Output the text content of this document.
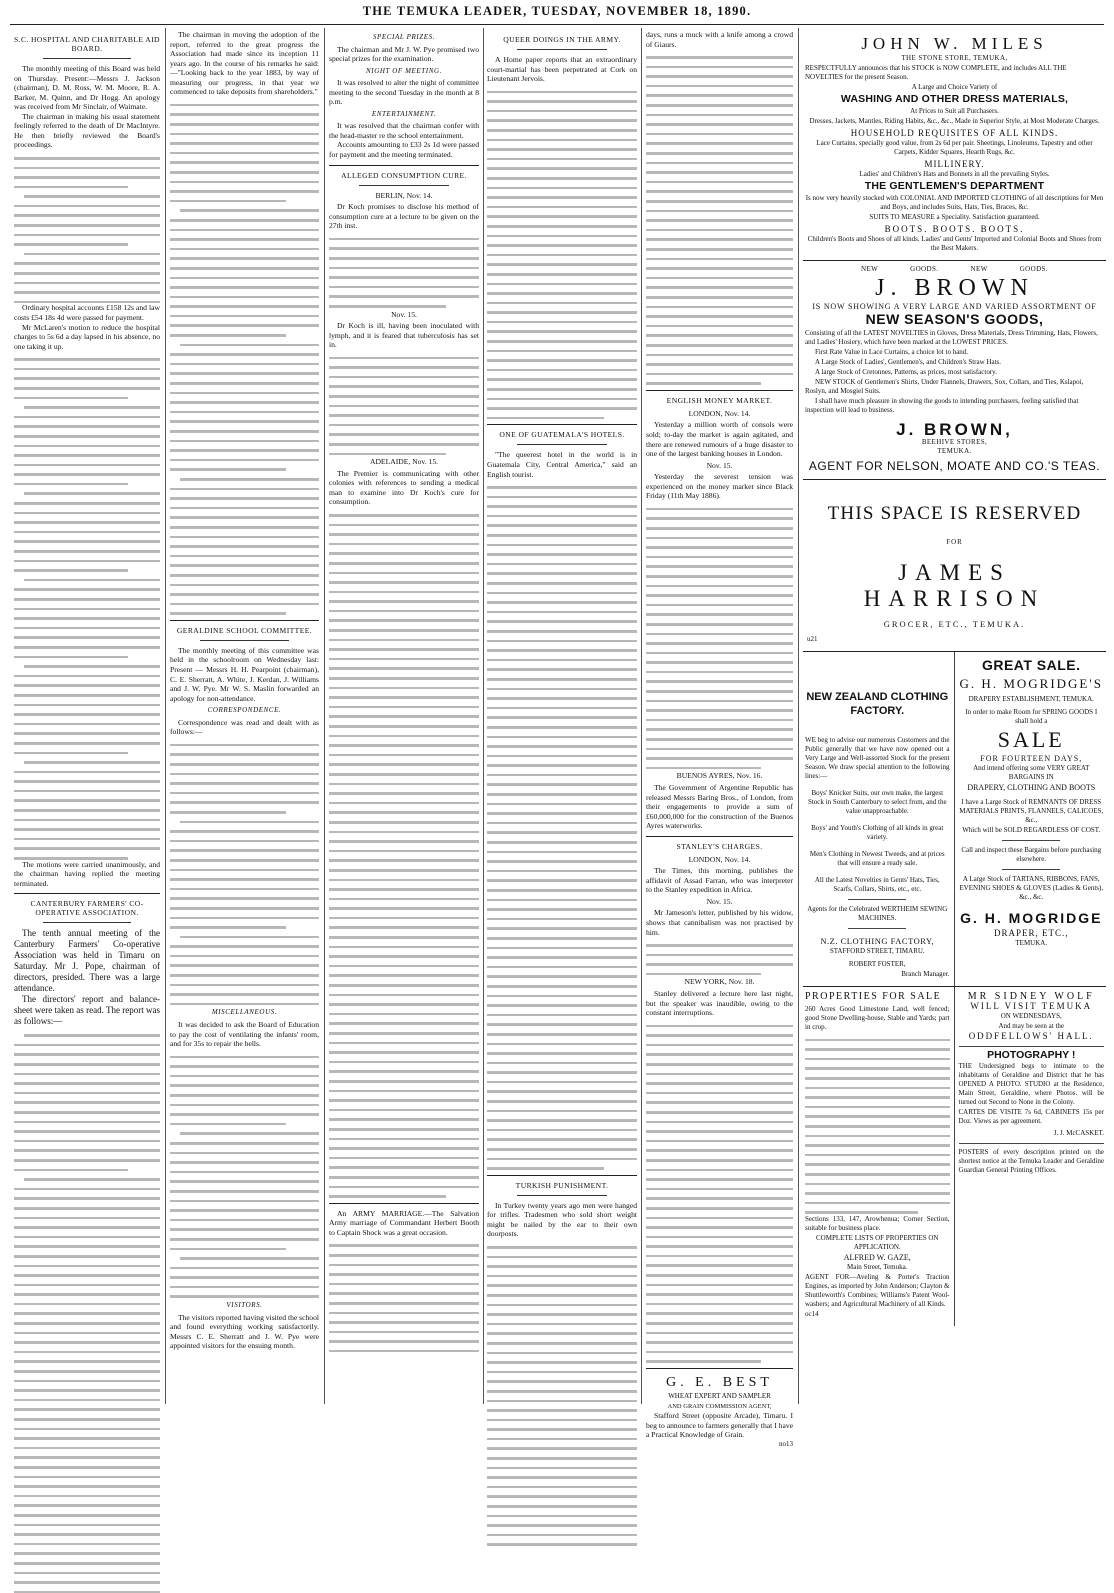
THE TEMUKA LEADER, TUESDAY, NOVEMBER 18, 1890.
S.C. HOSPITAL AND CHARITABLE AID BOARD.

The monthly meeting of this Board was held on Thursday. Present:—Messrs J. Jackson (chairman), D. M. Ross, W. M. Moore, R. A. Barker, M. Quinn, and Dr Hogg. An apology was received from Mr Sinclair, of Waimate.

The chairman in making his usual statement feelingly referred to the death of Dr MacIntyre. He then briefly reviewed the Board's proceedings.

Ordinary hospital accounts £158 12s and law costs £54 18s 4d were passed for payment.

Mr McLaren's motion to reduce the hospital charges to 5s 6d a day lapsed in his absence, no one taking it up.

The motions were carried unanimously, and the chairman having replied the meeting terminated.

CANTERBURY FARMERS' CO-OPERATIVE ASSOCIATION.

The tenth annual meeting of the Canterbury Farmers' Co-operative Association was held in Timaru on Saturday. Mr J. Pope, chairman of directors, presided. There was a large attendance.

The directors' report and balance-sheet were taken as read. The report was as follows:—

The chairman in moving the adoption of the report, referred to the great progress the Association had made since its inception 11 years ago. In the course of his remarks he said:—"Looking back to the year 1883, by way of measuring our progress, in that year we commenced to take deposits from shareholders."

GERALDINE SCHOOL COMMITTEE.

The monthly meeting of this committee was held in the schoolroom on Wednesday last: Present — Messrs H. H. Pearpoint (chairman), C. E. Sherratt, A. White, J. Kerdan, J. Williams and J. W. Pye. Mr W. S. Maslin forwarded an apology for non-attendance.

CORRESPONDENCE.

Correspondence was read and dealt with as follows:—

MISCELLANEOUS.

It was decided to ask the Board of Education to pay the cost of ventilating the infants' room, and for 35s to repair the bells.

VISITORS.

The visitors reported having visited the school and found everything working satisfactorily. Messrs C. E. Sherratt and J. W. Pye were appointed visitors for the ensuing month.

SPECIAL PRIZES.

The chairman and Mr J. W. Pye promised two special prizes for the examination.

NIGHT OF MEETING.

It was resolved to alter the night of committee meeting to the second Tuesday in the month at 8 p.m.

ENTERTAINMENT.

It was resolved that the chairman confer with the head-master re the school entertainment.

Accounts amounting to £33 2s 1d were passed for payment and the meeting terminated.

ALLEGED CONSUMPTION CURE.
BERLIN, Nov. 14.

Dr Koch promises to disclose his method of consumption cure at a lecture to be given on the 27th inst.

Nov. 15.

Dr Koch is ill, having been inoculated with lymph, and it is feared that tuberculosis has set in.

ADELAIDE, Nov. 15.

The Premier is communicating with other colonies with references to sending a medical man to examine into Dr Koch's cure for consumption.

An ARMY MARRIAGE.—The Salvation Army marriage of Commandant Herbert Booth to Captain Shock was a great occasion.

QUEER DOINGS IN THE ARMY.

A Home paper reports that an extraordinary court-martial has been perpetrated at Cork on Lieutenant Jervois.

ONE OF GUATEMALA'S HOTELS.

"The queerest hotel in the world is in Guatemala City, Central America," said an English tourist.

TURKISH PUNISHMENT.

In Turkey twenty years ago men were hanged for trifles. Tradesmen who sold short weight might be nailed by the ear to their own doorposts.

days, runs a muck with a knife among a crowd of Giaurs.

ENGLISH MONEY MARKET.
LONDON, Nov. 14.

Yesterday a million worth of consols were sold; to-day the market is again agitated, and there are renewed rumours of a huge disaster to one of the largest banking houses in London.

Nov. 15.

Yesterday the severest tension was experienced on the money market since Black Friday (11th May 1886).

BUENOS AYRES, Nov. 16.

The Government of Argentine Republic has released Messrs Baring Bros., of London, from their engagements to provide a sum of £60,000,000 for the construction of the Buenos Ayres waterworks.

STANLEY'S CHARGES.
LONDON, Nov. 14.

The Times, this morning, publishes the affidavit of Assad Farran, who was interpreter to the Stanley expedition in Africa.

Nov. 15.

Mr Jameson's letter, published by his widow, shows that cannibalism was not practised by him.

NEW YORK, Nov. 18.

Stanley delivered a lecture here last night, but the speaker was inaudible, owing to the constant interruptions.

G. E. BEST
WHEAT EXPERT AND SAMPLER
AND GRAIN COMMISSION AGENT,

Stafford Street (opposite Arcade), Timaru. I beg to announce to farmers generally that I have a Practical Knowledge of Grain.

no13
JOHN W. MILES
THE STONE STORE, TEMUKA,
RESPECTFULLY announces that his STOCK is NOW COMPLETE, and includes ALL THE NOVELTIES for the present Season.
A Large and Choice Variety of
WASHING AND OTHER DRESS MATERIALS,
At Prices to Suit all Purchasers.
Dresses, Jackets, Mantles, Riding Habits, &c., &c., Made in Superior Style, at Most Moderate Charges.
HOUSEHOLD REQUISITES OF ALL KINDS.
Lace Curtains, specially good value, from 2s 6d per pair. Sheetings, Linoleums, Tapestry and other Carpets, Kidder Squares, Hearth Rugs, &c.
MILLINERY.
Ladies' and Children's Hats and Bonnets in all the prevailing Styles.
THE GENTLEMEN'S DEPARTMENT
Is now very heavily stocked with COLONIAL AND IMPORTED CLOTHING of all descriptions for Men and Boys, and includes Suits, Hats, Ties, Braces, &c.
SUITS TO MEASURE a Speciality. Satisfaction guaranteed.
BOOTS. BOOTS. BOOTS.
Children's Boots and Shoes of all kinds. Ladies' and Gents' Imported and Colonial Boots and Shoes from the Best Makers.
NEW GOODS. NEW GOODS.
J. BROWN
IS NOW SHOWING A VERY LARGE AND VARIED ASSORTMENT OF
NEW SEASON'S GOODS,
Consisting of all the LATEST NOVELTIES in Gloves, Dress Materials, Dress Trimming, Hats, Flowers, and Ladies' Hosiery, which have been marked at the LOWEST PRICES.
First Rate Value in Lace Curtains, a choice lot to hand.
A Large Stock of Ladies', Gentlemen's, and Children's Straw Hats.
A large Stock of Cretonnes, Patterns, as prices, most satisfactory.
NEW STOCK of Gentlemen's Shirts, Under Flannels, Drawers, Sox, Collars, and Ties, Kslapoi, Roslyn, and Mosgiel Suits.
I shall have much pleasure in showing the goods to intending purchasers, feeling satisfied that inspection will lead to business.
J. BROWN,
BEEHIVE STORES,
TEMUKA.
AGENT FOR NELSON, MOATE AND CO.'S TEAS.
THIS SPACE IS RESERVED
FOR
JAMES HARRISON
GROCER, ETC., TEMUKA.
u21
NEW ZEALAND CLOTHING FACTORY.
WE beg to advise our numerous Customers and the Public generally that we have now opened out a Very Large and Well-assorted Stock for the present Season. We draw special attention to the following lines:—
Boys' Knicker Suits, our own make, the largest Stock in South Canterbury to select from, and the value unapproachable.
Boys' and Youth's Clothing of all kinds in great variety.
Men's Clothing in Newest Tweeds, and at prices that will ensure a ready sale.
All the Latest Novelties in Gents' Hats, Ties, Scarfs, Collars, Shirts, etc., etc.
Agents for the Celebrated WERTHEIM SEWING MACHINES.
N.Z. CLOTHING FACTORY,
STAFFORD STREET, TIMARU.
ROBERT FOSTER,
Branch Manager.
GREAT SALE.
G. H. MOGRIDGE'S
DRAPERY ESTABLISHMENT, TEMUKA.
In order to make Room for SPRING GOODS I shall hold a
SALE
FOR FOURTEEN DAYS,
And intend offering some VERY GREAT BARGAINS IN
DRAPERY, CLOTHING AND BOOTS
I have a Large Stock of REMNANTS OF DRESS MATERIALS PRINTS, FLANNELS, CALICOES, &c.,
Which will be SOLD REGARDLESS OF COST.
Call and inspect these Bargains before purchasing elsewhere.
A Large Stock of TARTANS, RIBBONS, FANS, EVENING SHOES & GLOVES (Ladies & Gents), &c., &c.
G. H. MOGRIDGE
DRAPER, ETC.,
TEMUKA.
PROPERTIES FOR SALE
260 Acres Good Limestone Land, well fenced; good Stone Dwelling-house, Stable and Yards; part in crop.
Sections 133, 147, Arowhenua; Corner Section, suitable for business place.
COMPLETE LISTS OF PROPERTIES ON APPLICATION.
ALFRED W. GAZE,
Main Street, Temuka.
AGENT FOR—Aveling & Porter's Traction Engines, as imported by John Anderson; Clayton & Shuttleworth's Combines; Williams's Patent Wool-washers; and Agricultural Machinery of all Kinds.
oc14
MR SIDNEY WOLF
WILL VISIT TEMUKA
ON WEDNESDAYS,
And may be seen at the
ODDFELLOWS' HALL.
PHOTOGRAPHY !
THE Undersigned begs to intimate to the inhabitants of Geraldine and District that he has OPENED A PHOTO. STUDIO at the Residence, Main Street, Geraldine, where Photos. will be turned out Second to None in the Colony.
CARTES DE VISITE 7s 6d, CABINETS 15s per Doz. Views as per agreement.
J. J. McCASKET.
POSTERS of every description printed on the shortest notice at the Temuka Leader and Geraldine Guardian General Printing Offices.
